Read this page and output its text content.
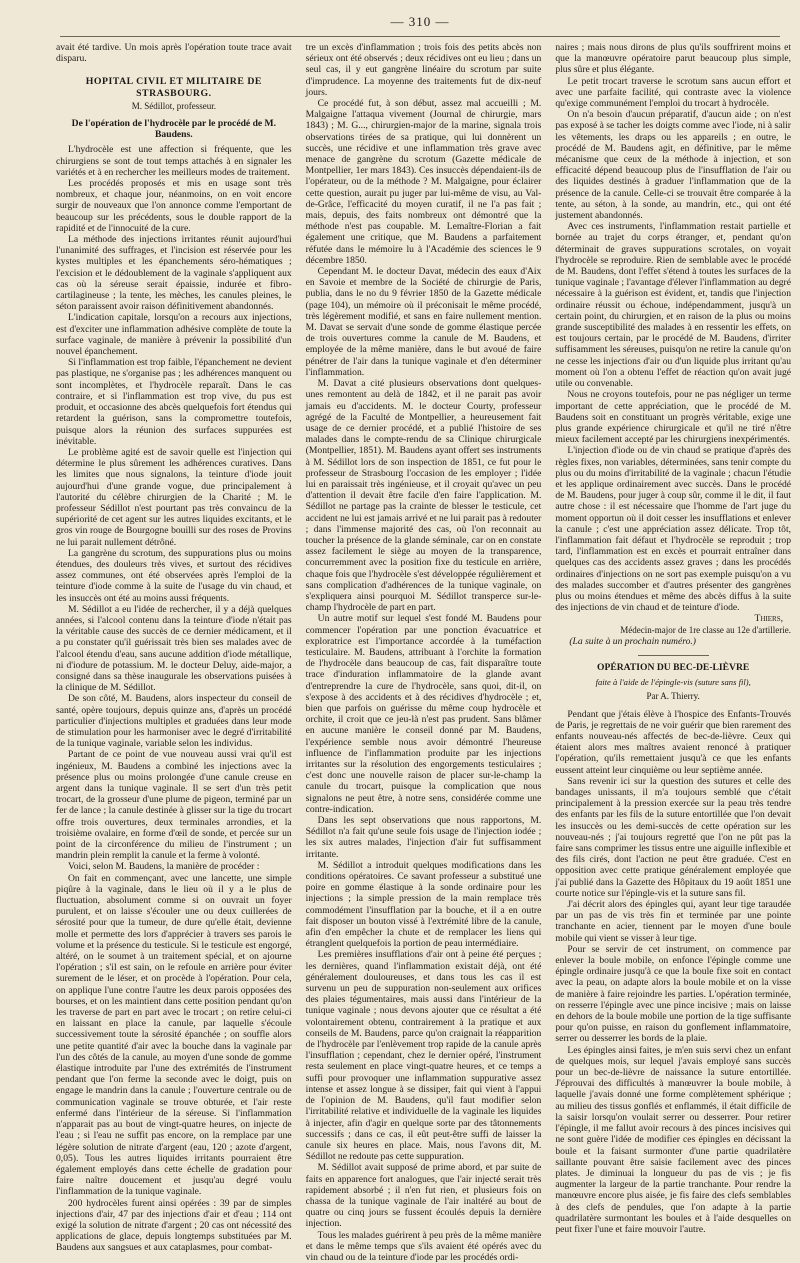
— 310 —

avait été tardive. Un mois après l'opération toute trace avait disparu.

HOPITAL CIVIL ET MILITAIRE DE STRASBOURG.
M. Sédillot, professeur.
De l'opération de l'hydrocèle par le procédé de M. Baudens.

L'hydrocèle est une affection si fréquente, que les chirurgiens se sont de tout temps attachés à en signaler les variétés et à en rechercher les meilleurs modes de traitement.

Les procédés proposés et mis en usage sont très nombreux, et chaque jour, néanmoins, on en voit encore surgir de nouveaux que l'on annonce comme l'emportant de beaucoup sur les précédents, sous le double rapport de la rapidité et de l'innocuité de la cure.

La méthode des injections irritantes réunit aujourd'hui l'unanimité des suffrages, et l'incision est réservée pour les kystes multiples et les épanchements séro-hématiques ; l'excision et le dédoublement de la vaginale s'appliquent aux cas où la séreuse serait épaissie, indurée et fibro-cartilagineuse ; la tente, les mèches, les canules pleines, le séton paraissent avoir raison définitivement abandonnés.

L'indication capitale, lorsqu'on a recours aux injections, est d'exciter une inflammation adhésive complète de toute la surface vaginale, de manière à prévenir la possibilité d'un nouvel épanchement.

Si l'inflammation est trop faible, l'épanchement ne devient pas plastique, ne s'organise pas ; les adhérences manquent ou sont incomplètes, et l'hydrocèle reparaît. Dans le cas contraire, et si l'inflammation est trop vive, du pus est produit, et occasionne des abcès quelquefois fort étendus qui retardent la guérison, sans la compromettre toutefois, puisque alors la réunion des surfaces suppurées est inévitable.

Le problème agité est de savoir quelle est l'injection qui détermine le plus sûrement les adhérences curatives. Dans les limites que nous signalons, la teinture d'iode jouit aujourd'hui d'une grande vogue, due principalement à l'autorité du célèbre chirurgien de la Charité ; M. le professeur Sédillot n'est pourtant pas très convaincu de la supériorité de cet agent sur les autres liquides excitants, et le gros vin rouge de Bourgogne bouilli sur des roses de Provins ne lui parait nullement détrôné.

La gangrène du scrotum, des suppurations plus ou moins étendues, des douleurs très vives, et surtout des récidives assez communes, ont été observées après l'emploi de la teinture d'iode comme à la suite de l'usage du vin chaud, et les insuccès ont été au moins aussi fréquents.

M. Sédillot a eu l'idée de rechercher, il y a déjà quelques années, si l'alcool contenu dans la teinture d'iode n'était pas la véritable cause des succès de ce dernier médicament, et il a pu constater qu'il guérissait très bien ses malades avec de l'alcool étendu d'eau, sans aucune addition d'iode métallique, ni d'iodure de potassium. M. le docteur Deluy, aide-major, a consigné dans sa thèse inaugurale les observations puisées à la clinique de M. Sédillot.

De son côté, M. Baudens, alors inspecteur du conseil de santé, opère toujours, depuis quinze ans, d'après un procédé particulier d'injections multiples et graduées dans leur mode de stimulation pour les harmoniser avec le degré d'irritabilité de la tunique vaginale, variable selon les individus.

Partant de ce point de vue nouveau aussi vrai qu'il est ingénieux, M. Baudens a combiné les injections avec la présence plus ou moins prolongée d'une canule creuse en argent dans la tunique vaginale. Il se sert d'un très petit trocart, de la grosseur d'une plume de pigeon, terminé par un fer de lance ; la canule destinée à glisser sur la tige du trocart offre trois ouvertures, deux terminales arrondies, et la troisième ovalaire, en forme d'œil de sonde, et percée sur un point de la circonférence du milieu de l'instrument ; un mandrin plein remplit la canule et la ferme à volonté.

Voici, selon M. Baudens, la manière de procéder :

On fait en commençant, avec une lancette, une simple piqûre à la vaginale, dans le lieu où il y a le plus de fluctuation, absolument comme si on ouvrait un foyer purulent, et on laisse s'écouler une ou deux cuillerées de sérosité pour que la tumeur, de dure qu'elle était, devienne molle et permette des lors d'apprécier à travers ses parois le volume et la présence du testicule. Si le testicule est engorgé, altéré, on le soumet à un traitement spécial, et on ajourne l'opération ; s'il est sain, on le refoule en arrière pour éviter surement de le léser, et on procède à l'opération. Pour cela, on applique l'une contre l'autre les deux parois opposées des bourses, et on les maintient dans cette position pendant qu'on les traverse de part en part avec le trocart ; on retire celui-ci en laissant en place la canule, par laquelle s'écoule successivement toute la sérosité épanchée ; on souffle alors une petite quantité d'air avec la bouche dans la vaginale par l'un des côtés de la canule, au moyen d'une sonde de gomme élastique introduite par l'une des extrémités de l'instrument pendant que l'on ferme la seconde avec le doigt, puis on engage le mandrin dans la canule ; l'ouverture centrale ou de communication vaginale se trouve obturée, et l'air reste enfermé dans l'intérieur de la séreuse. Si l'inflammation n'apparait pas au bout de vingt-quatre heures, on injecte de l'eau ; si l'eau ne suffit pas encore, on la remplace par une légère solution de nitrate d'argent (eau, 120 ; azote d'argent, 0,05). Tous les autres liquides irritants pourraient être également employés dans cette échelle de gradation pour faire naître doucement et jusqu'au degré voulu l'inflammation de la tunique vaginale.

200 hydrocèles furent ainsi opérées : 39 par de simples injections d'air, 47 par des injections d'air et d'eau ; 114 ont exigé la solution de nitrate d'argent ; 20 cas ont nécessité des applications de glace, depuis longtemps substituées par M. Baudens aux sangsues et aux cataplasmes, pour combat-

tre un excès d'inflammation ; trois fois des petits abcès non sérieux ont été observés ; deux récidives ont eu lieu ; dans un seul cas, il y eut gangrène linéaire du scrotum par suite d'imprudence. La moyenne des traitements fut de dix-neuf jours.

Ce procédé fut, à son début, assez mal accueilli ; M. Malgaigne l'attaqua vivement (Journal de chirurgie, mars 1843) ; M. G..., chirurgien-major de la marine, signala trois observations tirées de sa pratique, qui lui donnèrent un succès, une récidive et une inflammation très grave avec menace de gangrène du scrotum (Gazette médicale de Montpellier, 1er mars 1843). Ces insuccès dépendaient-ils de l'opérateur, ou de la méthode ? M. Malgaigne, pour éclairer cette question, aurait pu juger par lui-même de visu, au Val-de-Grâce, l'efficacité du moyen curatif, il ne l'a pas fait ; mais, depuis, des faits nombreux ont démontré que la méthode n'est pas coupable. M. Lemaître-Florian a fait également une critique, que M. Baudens a parfaitement réfutée dans le mémoire lu à l'Académie des sciences le 9 décembre 1850.

Cependant M. le docteur Davat, médecin des eaux d'Aix en Savoie et membre de la Société de chirurgie de Paris, publia, dans le no du 9 février 1850 de la Gazette médicale (page 104), un mémoire où il préconisait le même procédé, très légèrement modifié, et sans en faire nullement mention. M. Davat se servait d'une sonde de gomme élastique percée de trois ouvertures comme la canule de M. Baudens, et employée de la même manière, dans le but avoué de faire pénétrer de l'air dans la tunique vaginale et d'en déterminer l'inflammation.

M. Davat a cité plusieurs observations dont quelques-unes remontent au delà de 1842, et il ne parait pas avoir jamais eu d'accidents. M. le docteur Courty, professeur agrégé de la Faculté de Montpellier, a heureusement fait usage de ce dernier procédé, et a publié l'histoire de ses malades dans le compte-rendu de sa Clinique chirurgicale (Montpellier, 1851). M. Baudens ayant offert ses instruments à M. Sédillot lors de son inspection de 1851, ce fut pour le professeur de Strasbourg l'occasion de les employer ; l'idée lui en paraissait très ingénieuse, et il croyait qu'avec un peu d'attention il devait être facile d'en faire l'application. M. Sédillot ne partage pas la crainte de blesser le testicule, cet accident ne lui est jamais arrivé et ne lui parait pas à redouter ; dans l'immense majorité des cas, où l'on reconnait au toucher la présence de la glande séminale, car on en constate assez facilement le siège au moyen de la transparence, concurremment avec la position fixe du testicule en arrière, chaque fois que l'hydrocèle s'est développée régulièrement et sans complication d'adhérences de la tunique vaginale, on s'expliquera ainsi pourquoi M. Sédillot transperce sur-le-champ l'hydrocèle de part en part.

Un autre motif sur lequel s'est fondé M. Baudens pour commencer l'opération par une ponction évacuatrice et exploratrice est l'importance accordée à la tuméfaction testiculaire. M. Baudens, attribuant à l'orchite la formation de l'hydrocèle dans beaucoup de cas, fait disparaître toute trace d'induration inflammatoire de la glande avant d'entreprendre la cure de l'hydrocèle, sans quoi, dit-il, on s'expose à des accidents et à des récidives d'hydrocèle ; et, bien que parfois on guérisse du même coup hydrocèle et orchite, il croit que ce jeu-là n'est pas prudent. Sans blâmer en aucune manière le conseil donné par M. Baudens, l'expérience semble nous avoir démontré l'heureuse influence de l'inflammation produite par les injections irritantes sur la résolution des engorgements testiculaires ; c'est donc une nouvelle raison de placer sur-le-champ la canule du trocart, puisque la complication que nous signalons ne peut être, à notre sens, considérée comme une contre-indication.

Dans les sept observations que nous rapportons, M. Sédillot n'a fait qu'une seule fois usage de l'injection iodée ; les six autres malades, l'injection d'air fut suffisamment irritante.

M. Sédillot a introduit quelques modifications dans les conditions opératoires. Ce savant professeur a substitué une poire en gomme élastique à la sonde ordinaire pour les injections ; la simple pression de la main remplace très commodément l'insufflation par la bouche, et il a en outre fait disposer un bouton vissé à l'extrémité libre de la canule, afin d'en empêcher la chute et de remplacer les liens qui étranglent quelquefois la portion de peau intermédiaire.

Les premières insufflations d'air ont à peine été perçues ; les dernières, quand l'inflammation existait déjà, ont été généralement douloureuses, et dans tous les cas il est survenu un peu de suppuration non-seulement aux orifices des plaies tégumentaires, mais aussi dans l'intérieur de la tunique vaginale ; nous devons ajouter que ce résultat a été volontairement obtenu, contrairement à la pratique et aux conseils de M. Baudens, parce qu'on craignait la réapparition de l'hydrocèle par l'enlèvement trop rapide de la canule après l'insufflation ; cependant, chez le dernier opéré, l'instrument resta seulement en place vingt-quatre heures, et ce temps a suffi pour provoquer une inflammation suppurative assez intense et assez longue à se dissiper, fait qui vient à l'appui de l'opinion de M. Baudens, qu'il faut modifier selon l'irritabilité relative et individuelle de la vaginale les liquides à injecter, afin d'agir en quelque sorte par des tâtonnements successifs ; dans ce cas, il eût peut-être suffi de laisser la canule six heures en place. Mais, nous l'avons dit, M. Sédillot ne redoute pas cette suppuration.

M. Sédillot avait supposé de prime abord, et par suite de faits en apparence fort analogues, que l'air injecté serait très rapidement absorbé ; il n'en fut rien, et plusieurs fois on chassa de la tunique vaginale de l'air inaltéré au bout de quatre ou cinq jours se fussent écoulés depuis la dernière injection.

Tous les malades guérirent à peu près de la même manière et dans le même temps que s'ils avaient été opérés avec du vin chaud ou de la teinture d'iode par les procédés ordi-

naires ; mais nous dirons de plus qu'ils souffrirent moins et que la manœuvre opératoire parut beaucoup plus simple, plus sûre et plus élégante.

Le petit trocart traverse le scrotum sans aucun effort et avec une parfaite facilité, qui contraste avec la violence qu'exige communément l'emploi du trocart à hydrocèle.

On n'a besoin d'aucun préparatif, d'aucun aide ; on n'est pas exposé à se tacher les doigts comme avec l'iode, ni à salir les vêtements, les draps ou les appareils ; en outre, le procédé de M. Baudens agit, en définitive, par le même mécanisme que ceux de la méthode à injection, et son efficacité dépend beaucoup plus de l'insufflation de l'air ou des liquides destinés à graduer l'inflammation que de la présence de la canule. Celle-ci se trouvait être comparée à la tente, au séton, à la sonde, au mandrin, etc., qui ont été justement abandonnés.

Avec ces instruments, l'inflammation restait partielle et bornée au trajet du corps étranger, et, pendant qu'on déterminait de graves suppurations scrotales, on voyait l'hydrocèle se reproduire. Rien de semblable avec le procédé de M. Baudens, dont l'effet s'étend à toutes les surfaces de la tunique vaginale ; l'avantage d'élever l'inflammation au degré nécessaire à la guérison est évident, et, tandis que l'injection ordinaire réussit ou échoue, indépendamment, jusqu'à un certain point, du chirurgien, et en raison de la plus ou moins grande susceptibilité des malades à en ressentir les effets, on est toujours certain, par le procédé de M. Baudens, d'irriter suffisamment les séreuses, puisqu'on ne retire la canule qu'on ne cesse les injections d'air ou d'un liquide plus irritant qu'au moment où l'on a obtenu l'effet de réaction qu'on avait jugé utile ou convenable.

Nous ne croyons toutefois, pour ne pas négliger un terme important de cette appréciation, que le procédé de M. Baudens soit en constituant un progrès véritable, exige une plus grande expérience chirurgicale et qu'il ne tiré n'être mieux facilement accepté par les chirurgiens inexpérimentés.

L'injection d'iode ou de vin chaud se pratique d'après des règles fixes, non variables, déterminées, sans tenir compte du plus ou du moins d'irritabilité de la vaginale ; chacun l'étudie et les applique ordinairement avec succès. Dans le procédé de M. Baudens, pour juger à coup sûr, comme il le dit, il faut autre chose : il est nécessaire que l'homme de l'art juge du moment opportun où il doit cesser les insufflations et enlever la canule ; c'est une appréciation assez délicate. Trop tôt, l'inflammation fait défaut et l'hydrocèle se reproduit ; trop tard, l'inflammation est en excès et pourrait entraîner dans quelques cas des accidents assez graves ; dans les procédés ordinaires d'injections on ne sort pas exemple puisqu'on a vu des malades succomber et d'autres présenter des gangrènes plus ou moins étendues et même des abcès diffus à la suite des injections de vin chaud et de teinture d'iode.

Thiers,
Médecin-major de 1re classe au 12e d'artillerie.
(La suite à un prochain numéro.)
OPÉRATION DU BEC-DE-LIÈVRE
faite à l'aide de l'épingle-vis (suture sans fil),
Par A. Thierry.

Pendant que j'étais élève à l'hospice des Enfants-Trouvés de Paris, je regrettais de ne voir guérir que bien rarement des enfants nouveau-nés affectés de bec-de-lièvre. Ceux qui étaient alors mes maîtres avaient renoncé à pratiquer l'opération, qu'ils remettaient jusqu'à ce que les enfants eussent atteint leur cinquième ou leur septième année.

Sans revenir ici sur la question des sutures et celle des bandages unissants, il m'a toujours semblé que c'était principalement à la pression exercée sur la peau très tendre des enfants par les fils de la suture entortillée que l'on devait les insuccès ou les demi-succès de cette opération sur les nouveau-nés ; j'ai toujours regretté que l'on ne pût pas la faire sans comprimer les tissus entre une aiguille inflexible et des fils cirés, dont l'action ne peut être graduée. C'est en opposition avec cette pratique généralement employée que j'ai publié dans la Gazette des Hôpitaux du 19 août 1851 une courte notice sur l'épingle-vis et la suture sans fil.

J'ai décrit alors des épingles qui, ayant leur tige taraudée par un pas de vis très fin et terminée par une pointe tranchante en acier, tiennent par le moyen d'une boule mobile qui vient se visser à leur tige.

Pour se servir de cet instrument, on commence par enlever la boule mobile, on enfonce l'épingle comme une épingle ordinaire jusqu'à ce que la boule fixe soit en contact avec la peau, on adapte alors la boule mobile et on la visse de manière à faire rejoindre les parties. L'opération terminée, on resserre l'épingle avec une pince incisive ; mais on laisse en dehors de la boule mobile une portion de la tige suffisante pour qu'on puisse, en raison du gonflement inflammatoire, serrer ou desserrer les bords de la plaie.

Les épingles ainsi faites, je m'en suis servi chez un enfant de quelques mois, sur lequel j'avais employé sans succès pour un bec-de-lièvre de naissance la suture entortillée. J'éprouvai des difficultés à manœuvrer la boule mobile, à laquelle j'avais donné une forme complètement sphérique ; au milieu des tissus gonflés et enflammés, il était difficile de la saisir lorsqu'on voulait serrer ou desserrer. Pour retirer l'épingle, il me fallut avoir recours à des pinces incisives qui ne sont guère l'idée de modifier ces épingles en décissant la boule et la faisant surmonter d'une partie quadrilatère saillante pouvant être saisie facilement avec des pinces plates. Je diminuai la longueur du pas de vis ; je fis augmenter la largeur de la partie tranchante. Pour rendre la manœuvre encore plus aisée, je fis faire des clefs semblables à des clefs de pendules, que l'on adapte à la partie quadrilatère surmontant les boules et à l'aide desquelles on peut fixer l'une et faire mouvoir l'autre.
